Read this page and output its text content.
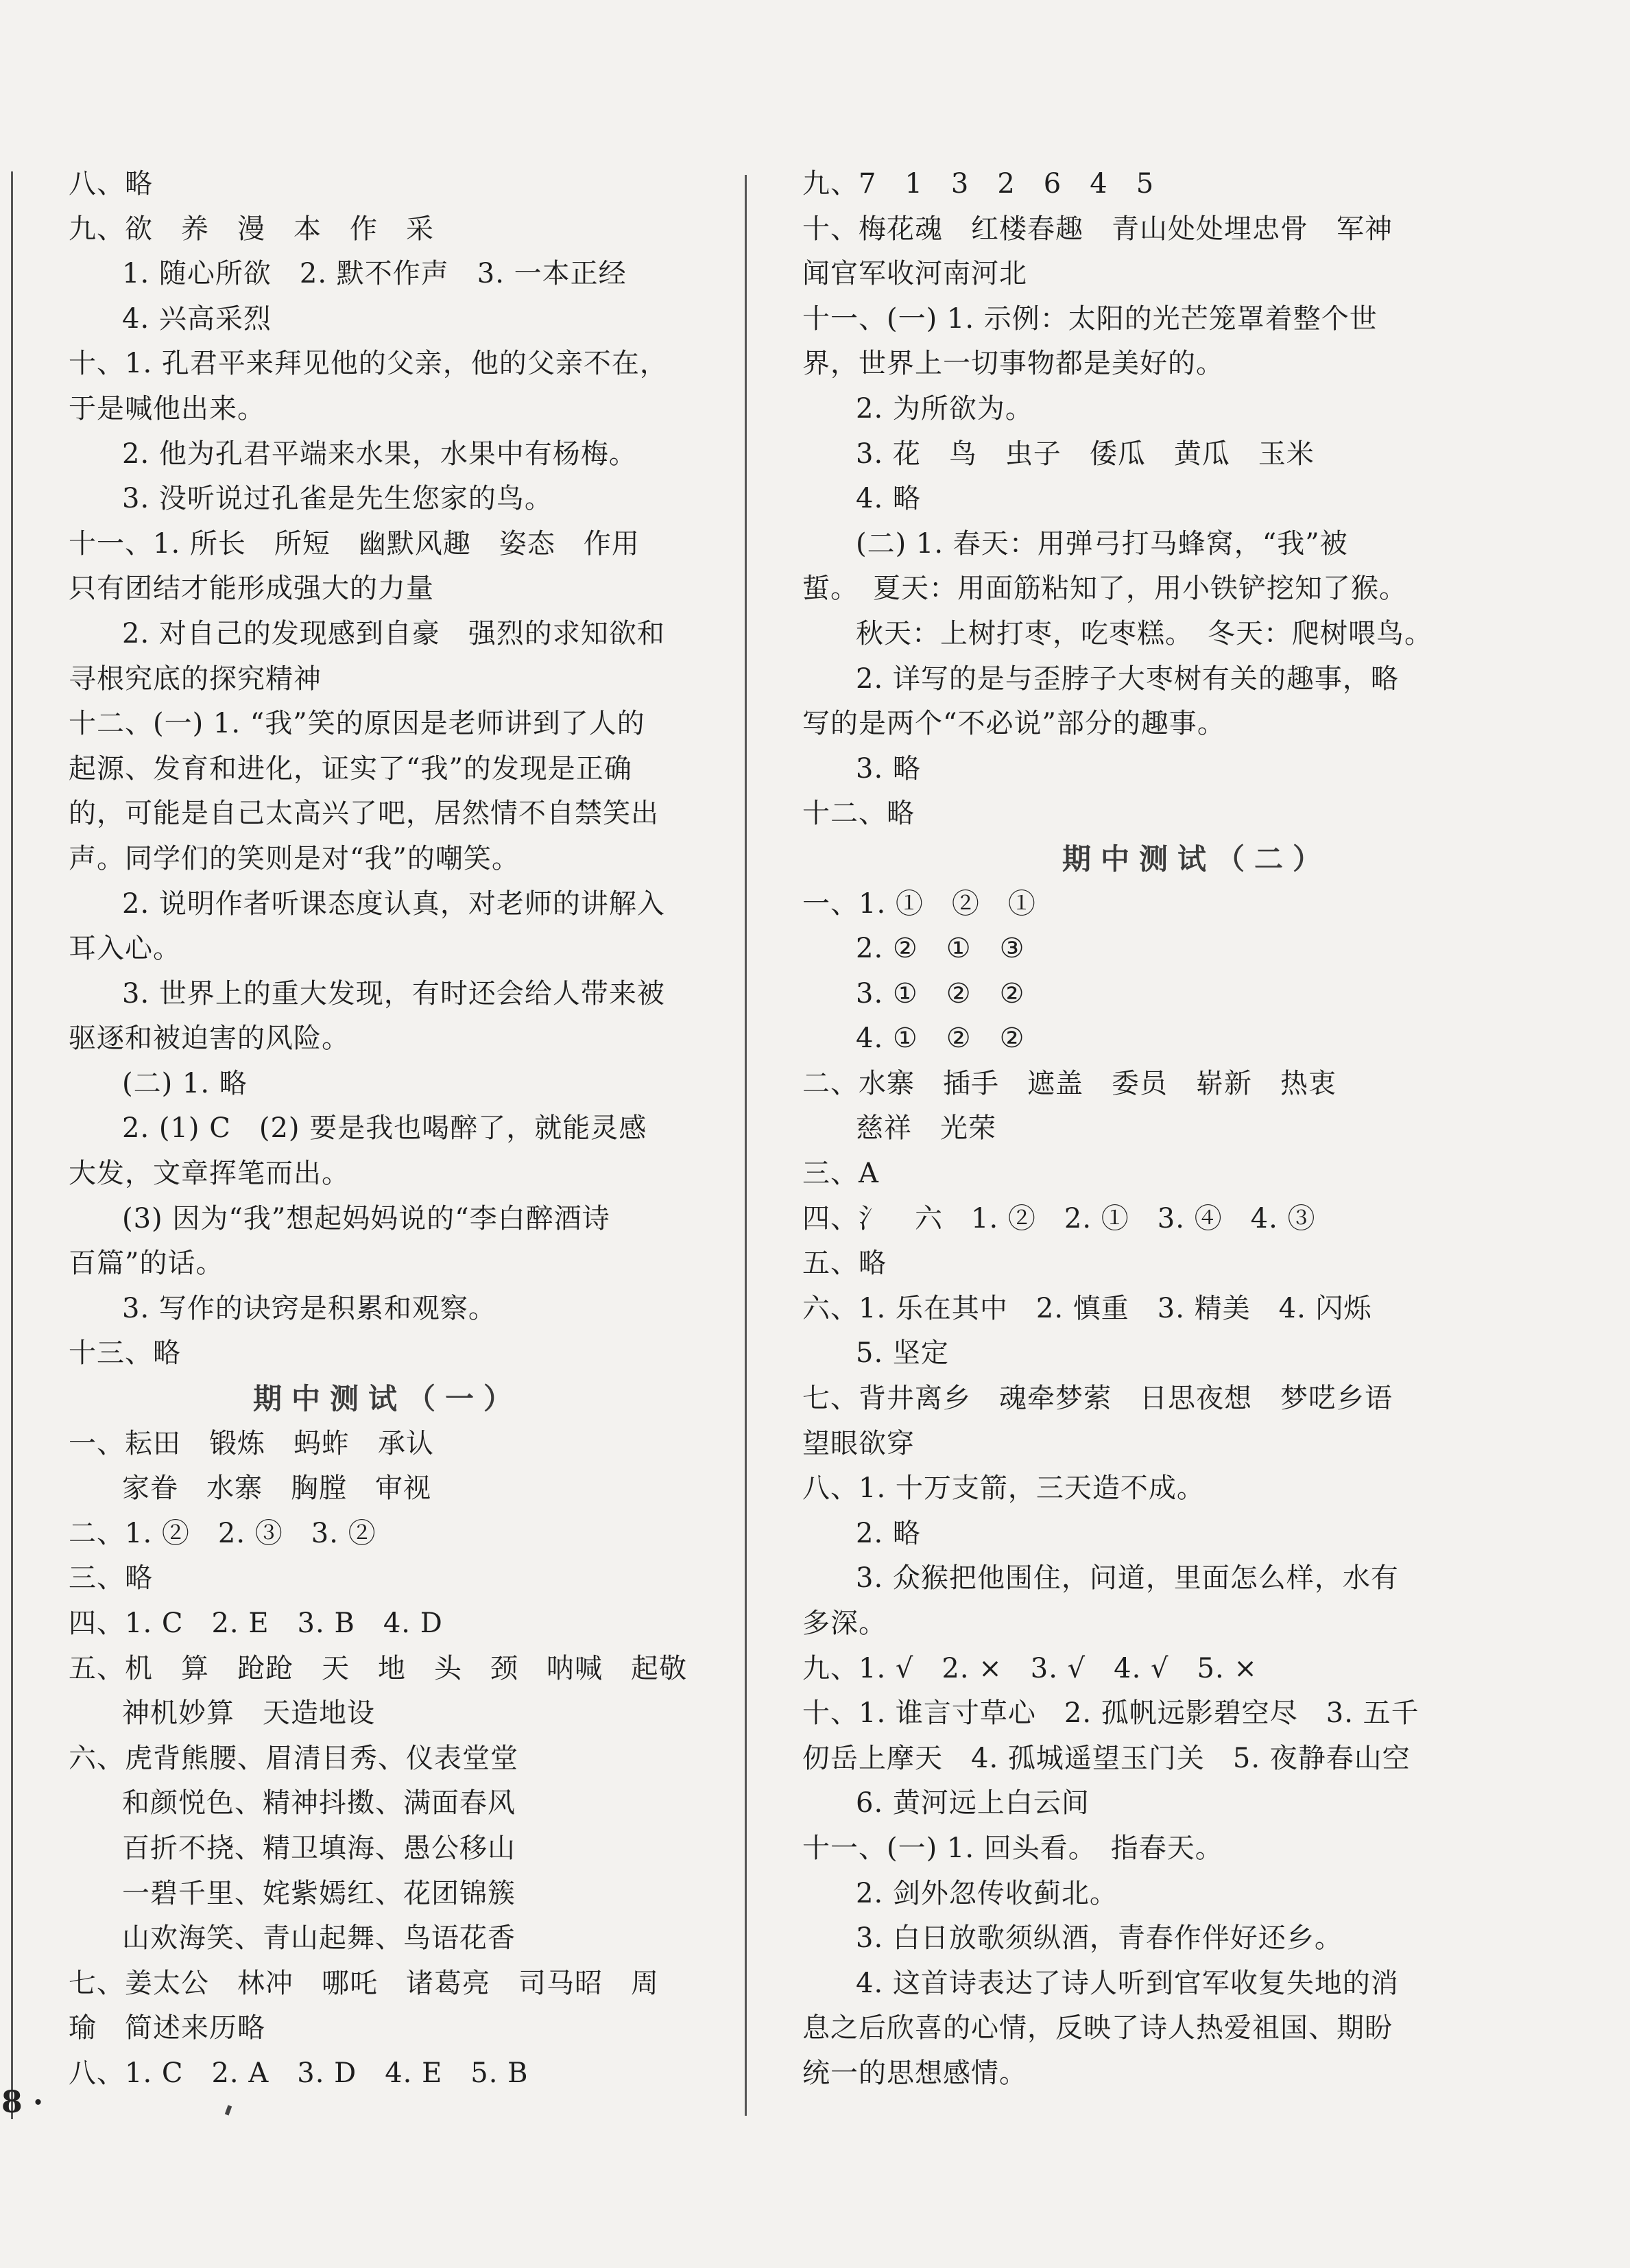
八、略
九、欲　养　漫　本　作　采
1. 随心所欲　2. 默不作声　3. 一本正经
4. 兴高采烈
十、1. 孔君平来拜见他的父亲，他的父亲不在，
于是喊他出来。
2. 他为孔君平端来水果，水果中有杨梅。
3. 没听说过孔雀是先生您家的鸟。
十一、1. 所长　所短　幽默风趣　姿态　作用
只有团结才能形成强大的力量
2. 对自己的发现感到自豪　强烈的求知欲和
寻根究底的探究精神
十二、(一) 1. “我”笑的原因是老师讲到了人的
起源、发育和进化，证实了“我”的发现是正确
的，可能是自己太高兴了吧，居然情不自禁笑出
声。同学们的笑则是对“我”的嘲笑。
2. 说明作者听课态度认真，对老师的讲解入
耳入心。
3. 世界上的重大发现，有时还会给人带来被
驱逐和被迫害的风险。
(二) 1. 略
2. (1) C　(2) 要是我也喝醉了，就能灵感
大发，文章挥笔而出。
(3) 因为“我”想起妈妈说的“李白醉酒诗
百篇”的话。
3. 写作的诀窍是积累和观察。
十三、略
期中测试（一）
一、耘田　锻炼　蚂蚱　承认
家眷　水寨　胸膛　审视
二、1. ②　2. ③　3. ②
三、略
四、1. C　2. E　3. B　4. D
五、机　算　跄跄　天　地　头　颈　呐喊　起敬
神机妙算　天造地设
六、虎背熊腰、眉清目秀、仪表堂堂
和颜悦色、精神抖擞、满面春风
百折不挠、精卫填海、愚公移山
一碧千里、姹紫嫣红、花团锦簇
山欢海笑、青山起舞、鸟语花香
七、姜太公　林冲　哪吒　诸葛亮　司马昭　周
瑜　简述来历略
八、1. C　2. A　3. D　4. E　5. B
九、7　1　3　2　6　4　5
十、梅花魂　红楼春趣　青山处处埋忠骨　军神
闻官军收河南河北
十一、(一) 1. 示例：太阳的光芒笼罩着整个世
界，世界上一切事物都是美好的。
2. 为所欲为。
3. 花　鸟　虫子　倭瓜　黄瓜　玉米
4. 略
(二) 1. 春天：用弹弓打马蜂窝，“我”被
蜇。　夏天：用面筋粘知了，用小铁铲挖知了猴。
秋天：上树打枣，吃枣糕。　冬天：爬树喂鸟。
2. 详写的是与歪脖子大枣树有关的趣事，略
写的是两个“不必说”部分的趣事。
3. 略
十二、略
期中测试（二）
一、1. ①　②　①
2. ②　①　③
3. ①　②　②
4. ①　②　②
二、水寨　插手　遮盖　委员　崭新　热衷
慈祥　光荣
三、A
四、氵　六　1. ②　2. ①　3. ④　4. ③
五、略
六、1. 乐在其中　2. 慎重　3. 精美　4. 闪烁
5. 坚定
七、背井离乡　魂牵梦萦　日思夜想　梦呓乡语
望眼欲穿
八、1. 十万支箭，三天造不成。
2. 略
3. 众猴把他围住，问道，里面怎么样，水有
多深。
九、1. √　2. ×　3. √　4. √　5. ×
十、1. 谁言寸草心　2. 孤帆远影碧空尽　3. 五千
仞岳上摩天　4. 孤城遥望玉门关　5. 夜静春山空
6. 黄河远上白云间
十一、(一) 1. 回头看。　指春天。
2. 剑外忽传收蓟北。
3. 白日放歌须纵酒，青春作伴好还乡。
4. 这首诗表达了诗人听到官军收复失地的消
息之后欣喜的心情，反映了诗人热爱祖国、期盼
统一的思想感情。
8 ·
